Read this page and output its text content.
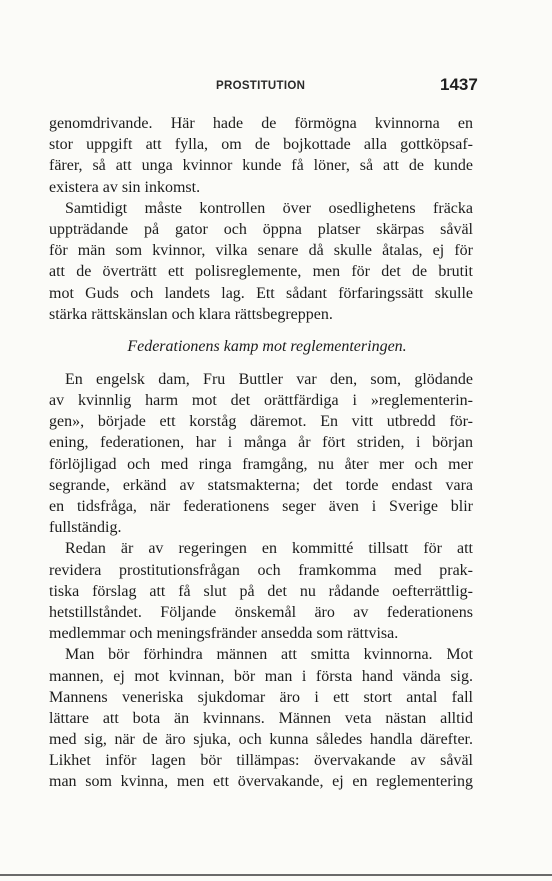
PROSTITUTION	1437
genomdrivande. Här hade de förmögna kvinnorna en
stor uppgift att fylla, om de bojkottade alla gottköpsaf-
färer, så att unga kvinnor kunde få löner, så att de kunde
existera av sin inkomst.
Samtidigt måste kontrollen över osedlighetens fräcka
uppträdande på gator och öppna platser skärpas såväl
för män som kvinnor, vilka senare då skulle åtalas, ej för
att de överträtt ett polisreglemente, men för det de brutit
mot Guds och landets lag. Ett sådant förfaringssätt skulle
stärka rättskänslan och klara rättsbegreppen.
Federationens kamp mot reglementeringen.
En engelsk dam, Fru Buttler var den, som, glödande
av kvinnlig harm mot det orättfärdiga i »reglementerin-
gen», började ett korståg däremot. En vitt utbredd för-
ening, federationen, har i många år fört striden, i början
förlöjligad och med ringa framgång, nu åter mer och mer
segrande, erkänd av statsmakterna; det torde endast vara
en tidsfråga, när federationens seger även i Sverige blir
fullständig.
Redan är av regeringen en kommitté tillsatt för att
revidera prostitutionsfrågan och framkomma med prak-
tiska förslag att få slut på det nu rådande oefterrättlig-
hetstillståndet. Följande önskemål äro av federationens
medlemmar och meningsfränder ansedda som rättvisa.
Man bör förhindra männen att smitta kvinnorna. Mot
mannen, ej mot kvinnan, bör man i första hand vända sig.
Mannens veneriska sjukdomar äro i ett stort antal fall
lättare att bota än kvinnans. Männen veta nästan alltid
med sig, när de äro sjuka, och kunna således handla därefter.
Likhet inför lagen bör tillämpas: övervakande av såväl
man som kvinna, men ett övervakande, ej en reglementering
